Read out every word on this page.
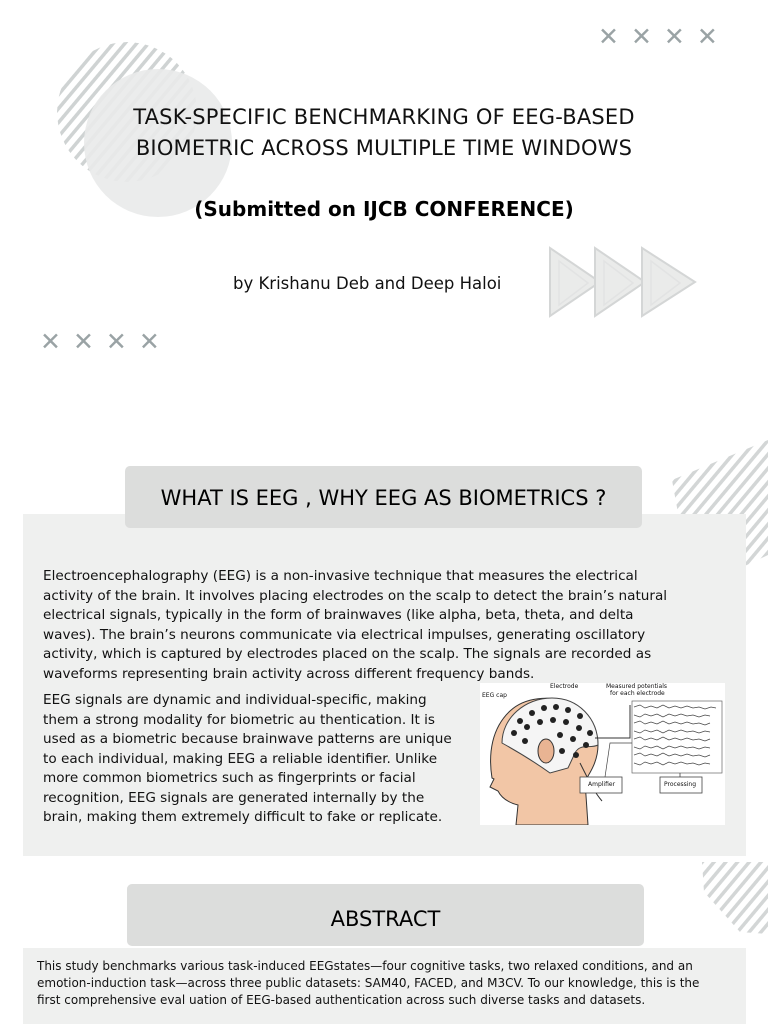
✕✕✕✕
✕✕✕✕
TASK-SPECIFIC BENCHMARKING OF EEG-BASED
BIOMETRIC ACROSS MULTIPLE TIME WINDOWS
(Submitted on IJCB CONFERENCE)
by Krishanu Deb and Deep Haloi
WHAT IS EEG , WHY EEG AS BIOMETRICS ?
Electroencephalography (EEG) is a non-invasive technique that measures the electrical
activity of the brain. It involves placing electrodes on the scalp to detect the brain’s natural
electrical signals, typically in the form of brainwaves (like alpha, beta, theta, and delta
waves). The brain’s neurons communicate via electrical impulses, generating oscillatory
activity, which is captured by electrodes placed on the scalp. The signals are recorded as
waveforms representing brain activity across different frequency bands.
EEG signals are dynamic and individual-specific, making
them a strong modality for biometric au thentication. It is
used as a biometric because brainwave patterns are unique
to each individual, making EEG a reliable identifier. Unlike
more common biometrics such as fingerprints or facial
recognition, EEG signals are generated internally by the
brain, making them extremely difficult to fake or replicate.
EEG cap
Electrode	Measured potentials
for each electrode
Amplifier	Processing
ABSTRACT
This study benchmarks various task-induced EEGstates—four cognitive tasks, two relaxed conditions, and an
emotion-induction task—across three public datasets: SAM40, FACED, and M3CV. To our knowledge, this is the
first comprehensive eval uation of EEG-based authentication across such diverse tasks and datasets.
